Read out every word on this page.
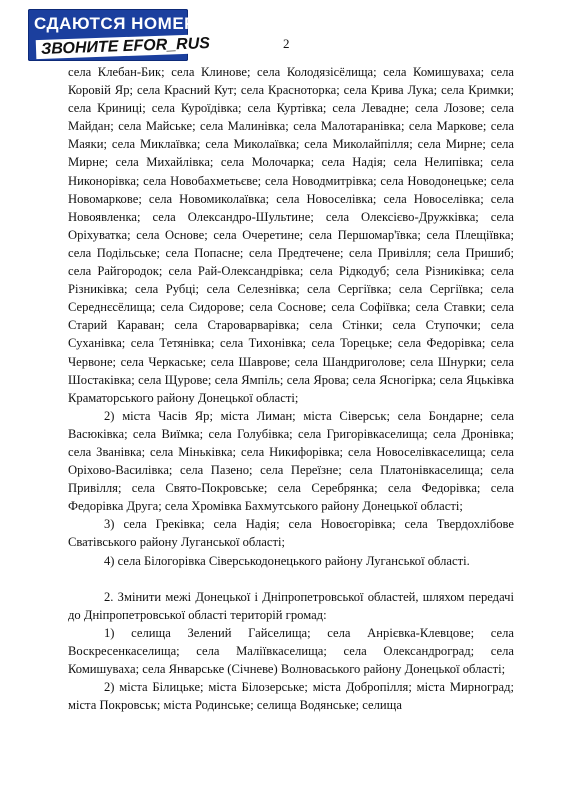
СДАЮТСЯ НОМЕРА
ЗВОНИТЕ EFOR_RUS	2

села Клебан-Бик; села Клинове; села Колодязісёлища; села Комишуваха; села Коровій Яр; села Красний Кут; села Красноторка; села Крива Лука; села Кримки; села Криниці; села Куроїдівка; села Куртівка; села Левадне; села Лозове; села Майдан; села Майське; села Малинівка; села Малотаранівка; села Маркове; села Маяки; села Миклаївка; села Миколаївка; села Миколайпілля; села Мирне; села Мирне; села Михайлівка; села Молочарка; села Надія; села Нелипівка; села Никонорівка; села Новобахметьєве; села Новодмитрівка; села Новодонецьке; села Новомаркове; села Новомиколаївка; села Новоселівка; села Новоселівка; села Новоявленка; села Олександро-Шультине; села Олексієво-Дружківка; села Оріхуватка; села Оснoве; села Очеретине; села Першомар'ївка; села Плещіївка; села Подільське; села Попасне; села Предтечене; села Привілля; села Пришиб; села Райгородок; села Рай-Олександрівка; села Рідкодуб; села Різниківка; села Різниківка; села Рубці; села Селезнівка; села Сергіївка; села Сергіївка; села Середнєсёлища; села Сидорове; села Соснове; села Софіївка; села Ставки; села Старий Караван; села Староварварівка; села Стінки; села Ступочки; села Суханівка; села Тетянівка; села Тихонівка; села Торецьке; села Федорівка; села Червоне; села Черкаське; села Шаврове; села Шандриголове; села Шнурки; села Шостаківка; села Щурове; села Ямпіль; села Ярова; села Ясногірка; села Яцьківка Краматорського району Донецької області;

2) міста Часів Яр; міста Лиман; міста Сіверськ; села Бондарне; села Васюківка; села Виїмка; села Голубівка; села Григорівкаселища; села Дронівка; села Званівка; села Міньківка; села Никифорівка; села Новоселівкаселища; села Оріхово-Василівка; села Пазено; села Переїзне; села Платонівкаселища; села Привілля; села Свято-Покровське; села Серебрянка; села Федорівка; села Федорівка Друга; села Хромівка Бахмутського району Донецької області;

3) села Греківка; села Надія; села Новоєгорівка; села Твердохлібове Сватівського району Луганської області;

4) села Білогорівка Сіверськодонецького району Луганської області.

2. Змінити межі Донецької і Дніпропетровської областей, шляхом передачі до Дніпропетровської області територій громад:

1) селища Зелений Гайселища; села Анрієвка-Клевцове; села Воскресенкаселища; села Маліївкаселища; села Олександроград; села Комишуваха; села Январське (Січневе) Волноваського району Донецької області;

2) міста Білицьке; міста Білозерське; міста Добропілля; міста Мирноград; міста Покровськ; міста Родинське; селища Водянське; селища
